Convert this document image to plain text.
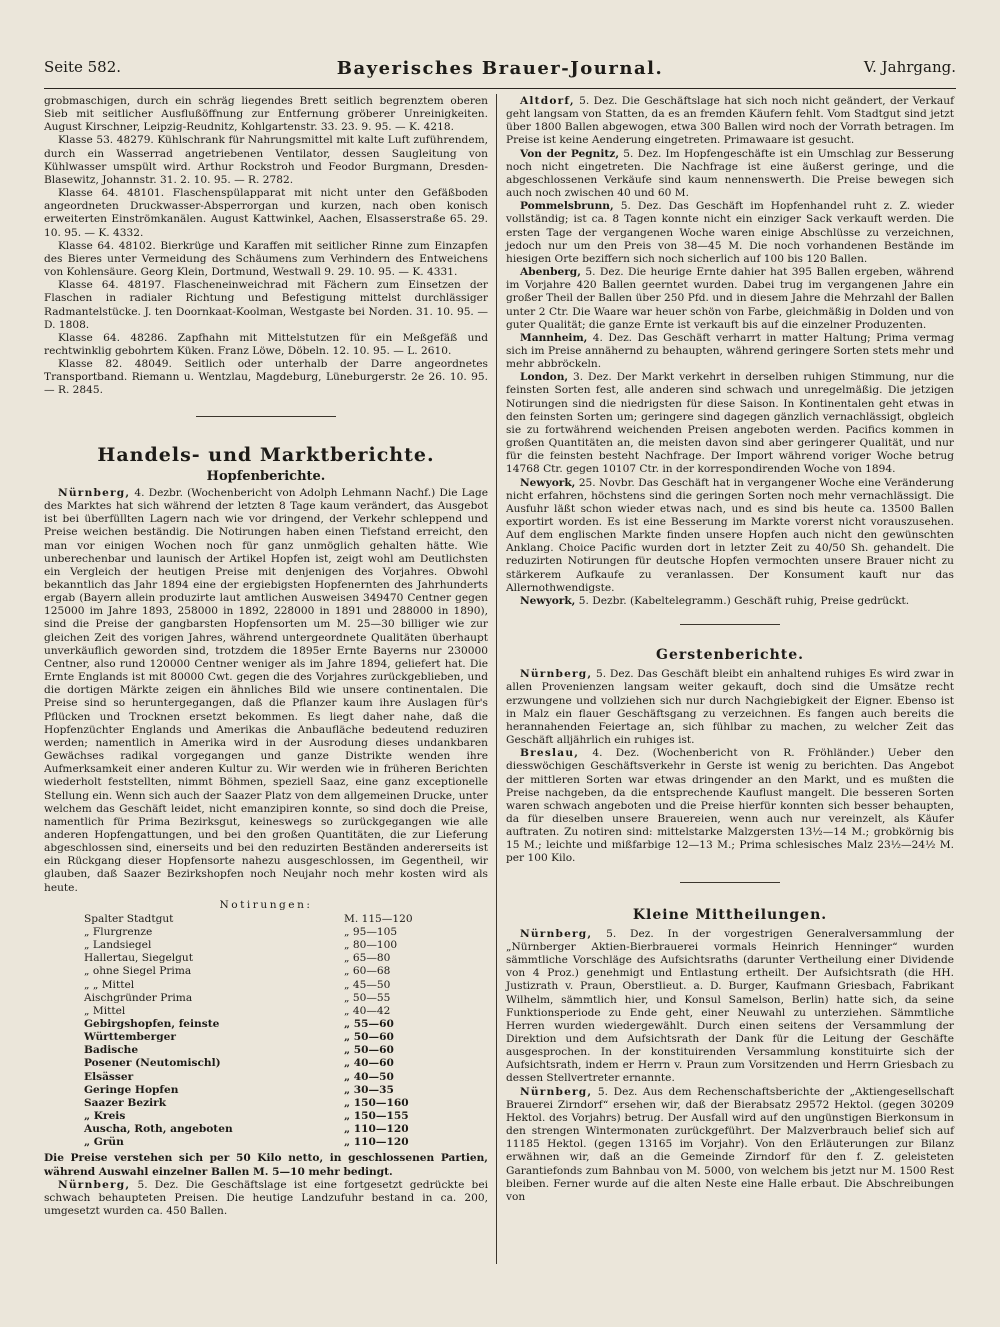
Seite 582.	Bayerisches Brauer-Journal.	V. Jahrgang.

grobmaschigen, durch ein schräg liegendes Brett seitlich begrenztem oberen Sieb mit seitlicher Ausflußöffnung zur Entfernung gröberer Unreinigkeiten. August Kirschner, Leipzig-Reudnitz, Kohlgartenstr. 33. 23. 9. 95. — K. 4218.

Klasse 53. 48279. Kühlschrank für Nahrungsmittel mit kalte Luft zuführendem, durch ein Wasserrad angetriebenen Ventilator, dessen Saugleitung von Kühlwasser umspült wird. Arthur Rockstroh und Feodor Burgmann, Dresden-Blasewitz, Johannstr. 31. 2. 10. 95. — R. 2782.

Klasse 64. 48101. Flaschenspülapparat mit nicht unter den Gefäßboden angeordneten Druckwasser-Absperrorgan und kurzen, nach oben konisch erweiterten Einströmkanälen. August Kattwinkel, Aachen, Elsasserstraße 65. 29. 10. 95. — K. 4332.

Klasse 64. 48102. Bierkrüge und Karaffen mit seitlicher Rinne zum Einzapfen des Bieres unter Vermeidung des Schäumens zum Verhindern des Entweichens von Kohlensäure. Georg Klein, Dortmund, Westwall 9. 29. 10. 95. — K. 4331.

Klasse 64. 48197. Flascheneinweichrad mit Fächern zum Einsetzen der Flaschen in radialer Richtung und Befestigung mittelst durchlässiger Radmantelstücke. J. ten Doornkaat-Koolman, Westgaste bei Norden. 31. 10. 95. — D. 1808.

Klasse 64. 48286. Zapfhahn mit Mittelstutzen für ein Meßgefäß und rechtwinklig gebohrtem Küken. Franz Löwe, Döbeln. 12. 10. 95. — L. 2610.

Klasse 82. 48049. Seitlich oder unterhalb der Darre angeordnetes Transportband. Riemann u. Wentzlau, Magdeburg, Lüneburgerstr. 2e 26. 10. 95. — R. 2845.

Handels- und Marktberichte.
Hopfenberichte.

Nürnberg, 4. Dezbr. (Wochenbericht von Adolph Lehmann Nachf.) Die Lage des Marktes hat sich während der letzten 8 Tage kaum verändert, das Ausgebot ist bei überfüllten Lagern nach wie vor dringend, der Verkehr schleppend und Preise weichen beständig. Die Notirungen haben einen Tiefstand erreicht, den man vor einigen Wochen noch für ganz unmöglich gehalten hätte. Wie unberechenbar und launisch der Artikel Hopfen ist, zeigt wohl am Deutlichsten ein Vergleich der heutigen Preise mit denjenigen des Vorjahres. Obwohl bekanntlich das Jahr 1894 eine der ergiebigsten Hopfenernten des Jahrhunderts ergab (Bayern allein produzirte laut amtlichen Ausweisen 349470 Centner gegen 125000 im Jahre 1893, 258000 in 1892, 228000 in 1891 und 288000 in 1890), sind die Preise der gangbarsten Hopfensorten um M. 25—30 billiger wie zur gleichen Zeit des vorigen Jahres, während untergeordnete Qualitäten überhaupt unverkäuflich geworden sind, trotzdem die 1895er Ernte Bayerns nur 230000 Centner, also rund 120000 Centner weniger als im Jahre 1894, geliefert hat. Die Ernte Englands ist mit 80000 Cwt. gegen die des Vorjahres zurückgeblieben, und die dortigen Märkte zeigen ein ähnliches Bild wie unsere continentalen. Die Preise sind so heruntergegangen, daß die Pflanzer kaum ihre Auslagen für's Pflücken und Trocknen ersetzt bekommen. Es liegt daher nahe, daß die Hopfenzüchter Englands und Amerikas die Anbaufläche bedeutend reduziren werden; namentlich in Amerika wird in der Ausrodung dieses undankbaren Gewächses radikal vorgegangen und ganze Distrikte wenden ihre Aufmerksamkeit einer anderen Kultur zu. Wir werden wie in früheren Berichten wiederholt feststellten, nimmt Böhmen, speziell Saaz, eine ganz exceptionelle Stellung ein. Wenn sich auch der Saazer Platz von dem allgemeinen Drucke, unter welchem das Geschäft leidet, nicht emanzipiren konnte, so sind doch die Preise, namentlich für Prima Bezirksgut, keineswegs so zurückgegangen wie alle anderen Hopfengattungen, und bei den großen Quantitäten, die zur Lieferung abgeschlossen sind, einerseits und bei den reduzirten Beständen andererseits ist ein Rückgang dieser Hopfensorte nahezu ausgeschlossen, im Gegentheil, wir glauben, daß Saazer Bezirkshopfen noch Neujahr noch mehr kosten wird als heute.

Notirungen:
Spalter Stadtgut	M. 115—120
„ Flurgrenze	„ 95—105
„ Landsiegel	„ 80—100
Hallertau, Siegelgut	„ 65—80
„ ohne Siegel Prima	„ 60—68
„ „ Mittel	„ 45—50
Aischgründer Prima	„ 50—55
„ Mittel	„ 40—42
Gebirgshopfen, feinste	„ 55—60
Württemberger	„ 50—60
Badische	„ 50—60
Posener (Neutomischl)	„ 40—60
Elsässer	„ 40—50
Geringe Hopfen	„ 30—35
Saazer Bezirk	„ 150—160
„ Kreis	„ 150—155
Auscha, Roth, angeboten	„ 110—120
„ Grün	„ 110—120

Die Preise verstehen sich per 50 Kilo netto, in geschlossenen Partien, während Auswahl einzelner Ballen M. 5—10 mehr bedingt.

Nürnberg, 5. Dez. Die Geschäftslage ist eine fortgesetzt gedrückte bei schwach behaupteten Preisen. Die heutige Landzufuhr bestand in ca. 200, umgesetzt wurden ca. 450 Ballen.

Altdorf, 5. Dez. Die Geschäftslage hat sich noch nicht geändert, der Verkauf geht langsam von Statten, da es an fremden Käufern fehlt. Vom Stadtgut sind jetzt über 1800 Ballen abgewogen, etwa 300 Ballen wird noch der Vorrath betragen. Im Preise ist keine Aenderung eingetreten. Primawaare ist gesucht.

Von der Pegnitz, 5. Dez. Im Hopfengeschäfte ist ein Umschlag zur Besserung noch nicht eingetreten. Die Nachfrage ist eine äußerst geringe, und die abgeschlossenen Verkäufe sind kaum nennenswerth. Die Preise bewegen sich auch noch zwischen 40 und 60 M.

Pommelsbrunn, 5. Dez. Das Geschäft im Hopfenhandel ruht z. Z. wieder vollständig; ist ca. 8 Tagen konnte nicht ein einziger Sack verkauft werden. Die ersten Tage der vergangenen Woche waren einige Abschlüsse zu verzeichnen, jedoch nur um den Preis von 38—45 M. Die noch vorhandenen Bestände im hiesigen Orte beziffern sich noch sicherlich auf 100 bis 120 Ballen.

Abenberg, 5. Dez. Die heurige Ernte dahier hat 395 Ballen ergeben, während im Vorjahre 420 Ballen geerntet wurden. Dabei trug im vergangenen Jahre ein großer Theil der Ballen über 250 Pfd. und in diesem Jahre die Mehrzahl der Ballen unter 2 Ctr. Die Waare war heuer schön von Farbe, gleichmäßig in Dolden und von guter Qualität; die ganze Ernte ist verkauft bis auf die einzelner Produzenten.

Mannheim, 4. Dez. Das Geschäft verharrt in matter Haltung; Prima vermag sich im Preise annähernd zu behaupten, während geringere Sorten stets mehr und mehr abbröckeln.

London, 3. Dez. Der Markt verkehrt in derselben ruhigen Stimmung, nur die feinsten Sorten fest, alle anderen sind schwach und unregelmäßig. Die jetzigen Notirungen sind die niedrigsten für diese Saison. In Kontinentalen geht etwas in den feinsten Sorten um; geringere sind dagegen gänzlich vernachlässigt, obgleich sie zu fortwährend weichenden Preisen angeboten werden. Pacifics kommen in großen Quantitäten an, die meisten davon sind aber geringerer Qualität, und nur für die feinsten besteht Nachfrage. Der Import während voriger Woche betrug 14768 Ctr. gegen 10107 Ctr. in der korrespondirenden Woche von 1894.

Newyork, 25. Novbr. Das Geschäft hat in vergangener Woche eine Veränderung nicht erfahren, höchstens sind die geringen Sorten noch mehr vernachlässigt. Die Ausfuhr läßt schon wieder etwas nach, und es sind bis heute ca. 13500 Ballen exportirt worden. Es ist eine Besserung im Markte vorerst nicht vorauszusehen. Auf dem englischen Markte finden unsere Hopfen auch nicht den gewünschten Anklang. Choice Pacific wurden dort in letzter Zeit zu 40/50 Sh. gehandelt. Die reduzirten Notirungen für deutsche Hopfen vermochten unsere Brauer nicht zu stärkerem Aufkaufe zu veranlassen. Der Konsument kauft nur das Allernothwendigste.

Newyork, 5. Dezbr. (Kabeltelegramm.) Geschäft ruhig, Preise gedrückt.

Gerstenberichte.

Nürnberg, 5. Dez. Das Geschäft bleibt ein anhaltend ruhiges Es wird zwar in allen Provenienzen langsam weiter gekauft, doch sind die Umsätze recht erzwungene und vollziehen sich nur durch Nachgiebigkeit der Eigner. Ebenso ist in Malz ein flauer Geschäftsgang zu verzeichnen. Es fangen auch bereits die herannahenden Feiertage an, sich fühlbar zu machen, zu welcher Zeit das Geschäft alljährlich ein ruhiges ist.

Breslau, 4. Dez. (Wochenbericht von R. Fröhländer.) Ueber den diesswöchigen Geschäftsverkehr in Gerste ist wenig zu berichten. Das Angebot der mittleren Sorten war etwas dringender an den Markt, und es mußten die Preise nachgeben, da die entsprechende Kauflust mangelt. Die besseren Sorten waren schwach angeboten und die Preise hierfür konnten sich besser behaupten, da für dieselben unsere Brauereien, wenn auch nur vereinzelt, als Käufer auftraten. Zu notiren sind: mittelstarke Malzgersten 13½—14 M.; grobkörnig bis 15 M.; leichte und mißfarbige 12—13 M.; Prima schlesisches Malz 23½—24½ M. per 100 Kilo.

Kleine Mittheilungen.

Nürnberg, 5. Dez. In der vorgestrigen Generalversammlung der „Nürnberger Aktien-Bierbrauerei vormals Heinrich Henninger“ wurden sämmtliche Vorschläge des Aufsichtsraths (darunter Vertheilung einer Dividende von 4 Proz.) genehmigt und Entlastung ertheilt. Der Aufsichtsrath (die HH. Justizrath v. Praun, Oberstlieut. a. D. Burger, Kaufmann Griesbach, Fabrikant Wilhelm, sämmtlich hier, und Konsul Samelson, Berlin) hatte sich, da seine Funktionsperiode zu Ende geht, einer Neuwahl zu unterziehen. Sämmtliche Herren wurden wiedergewählt. Durch einen seitens der Versammlung der Direktion und dem Aufsichtsrath der Dank für die Leitung der Geschäfte ausgesprochen. In der konstituirenden Versammlung konstituirte sich der Aufsichtsrath, indem er Herrn v. Praun zum Vorsitzenden und Herrn Griesbach zu dessen Stellvertreter ernannte.

Nürnberg, 5. Dez. Aus dem Rechenschaftsberichte der „Aktiengesellschaft Brauerei Zirndorf“ ersehen wir, daß der Bierabsatz 29572 Hektol. (gegen 30209 Hektol. des Vorjahrs) betrug. Der Ausfall wird auf den ungünstigen Bierkonsum in den strengen Wintermonaten zurückgeführt. Der Malzverbrauch belief sich auf 11185 Hektol. (gegen 13165 im Vorjahr). Von den Erläuterungen zur Bilanz erwähnen wir, daß an die Gemeinde Zirndorf für den f. Z. geleisteten Garantiefonds zum Bahnbau von M. 5000, von welchem bis jetzt nur M. 1500 Rest bleiben. Ferner wurde auf die alten Neste eine Halle erbaut. Die Abschreibungen von
